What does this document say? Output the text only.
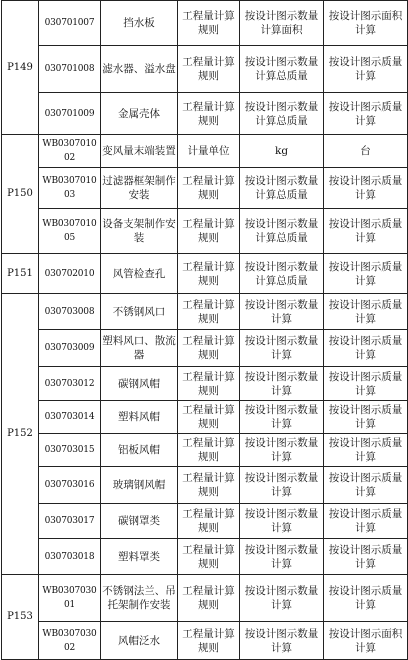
P149	030701007	挡水板	工程量计算规则	按设计图示数量计算面积	按设计图示面积计算
	030701008	滤水器、溢水盘	工程量计算规则	按设计图示数量计算总质量	按设计图示质量计算
	030701009	金属壳体	工程量计算规则	按设计图示数量计算总质量	按设计图示质量计算
P150	WB030701002	变风量末端装置	计量单位	kg	台
	WB030701003	过滤器框架制作安装	工程量计算规则	按设计图示数量计算总质量	按设计图示质量计算
	WB030701005	设备支架制作安装	工程量计算规则	按设计图示数量计算总质量	按设计图示质量计算
P151	030702010	风管检查孔	工程量计算规则	按设计图示数量计算总质量	按设计图示质量计算
P152	030703008	不锈钢风口	工程量计算规则	按设计图示数量计算	按设计图示质量计算
	030703009	塑料风口、散流器	工程量计算规则	按设计图示数量计算	按设计图示质量计算
	030703012	碳钢风帽	工程量计算规则	按设计图示数量计算	按设计图示质量计算
	030703014	塑料风帽	工程量计算规则	按设计图示数量计算	按设计图示质量计算
	030703015	铝板风帽	工程量计算规则	按设计图示数量计算	按设计图示质量计算
	030703016	玻璃钢风帽	工程量计算规则	按设计图示数量计算	按设计图示质量计算
	030703017	碳钢罩类	工程量计算规则	按设计图示数量计算	按设计图示质量计算
	030703018	塑料罩类	工程量计算规则	按设计图示数量计算	按设计图示质量计算
P153	WB030703001	不锈钢法兰、吊托架制作安装	工程量计算规则	按设计图示数量计算	按设计图示质量计算
	WB030703002	风帽泛水	工程量计算规则	按设计图示数量计算	按设计图示面积计算
